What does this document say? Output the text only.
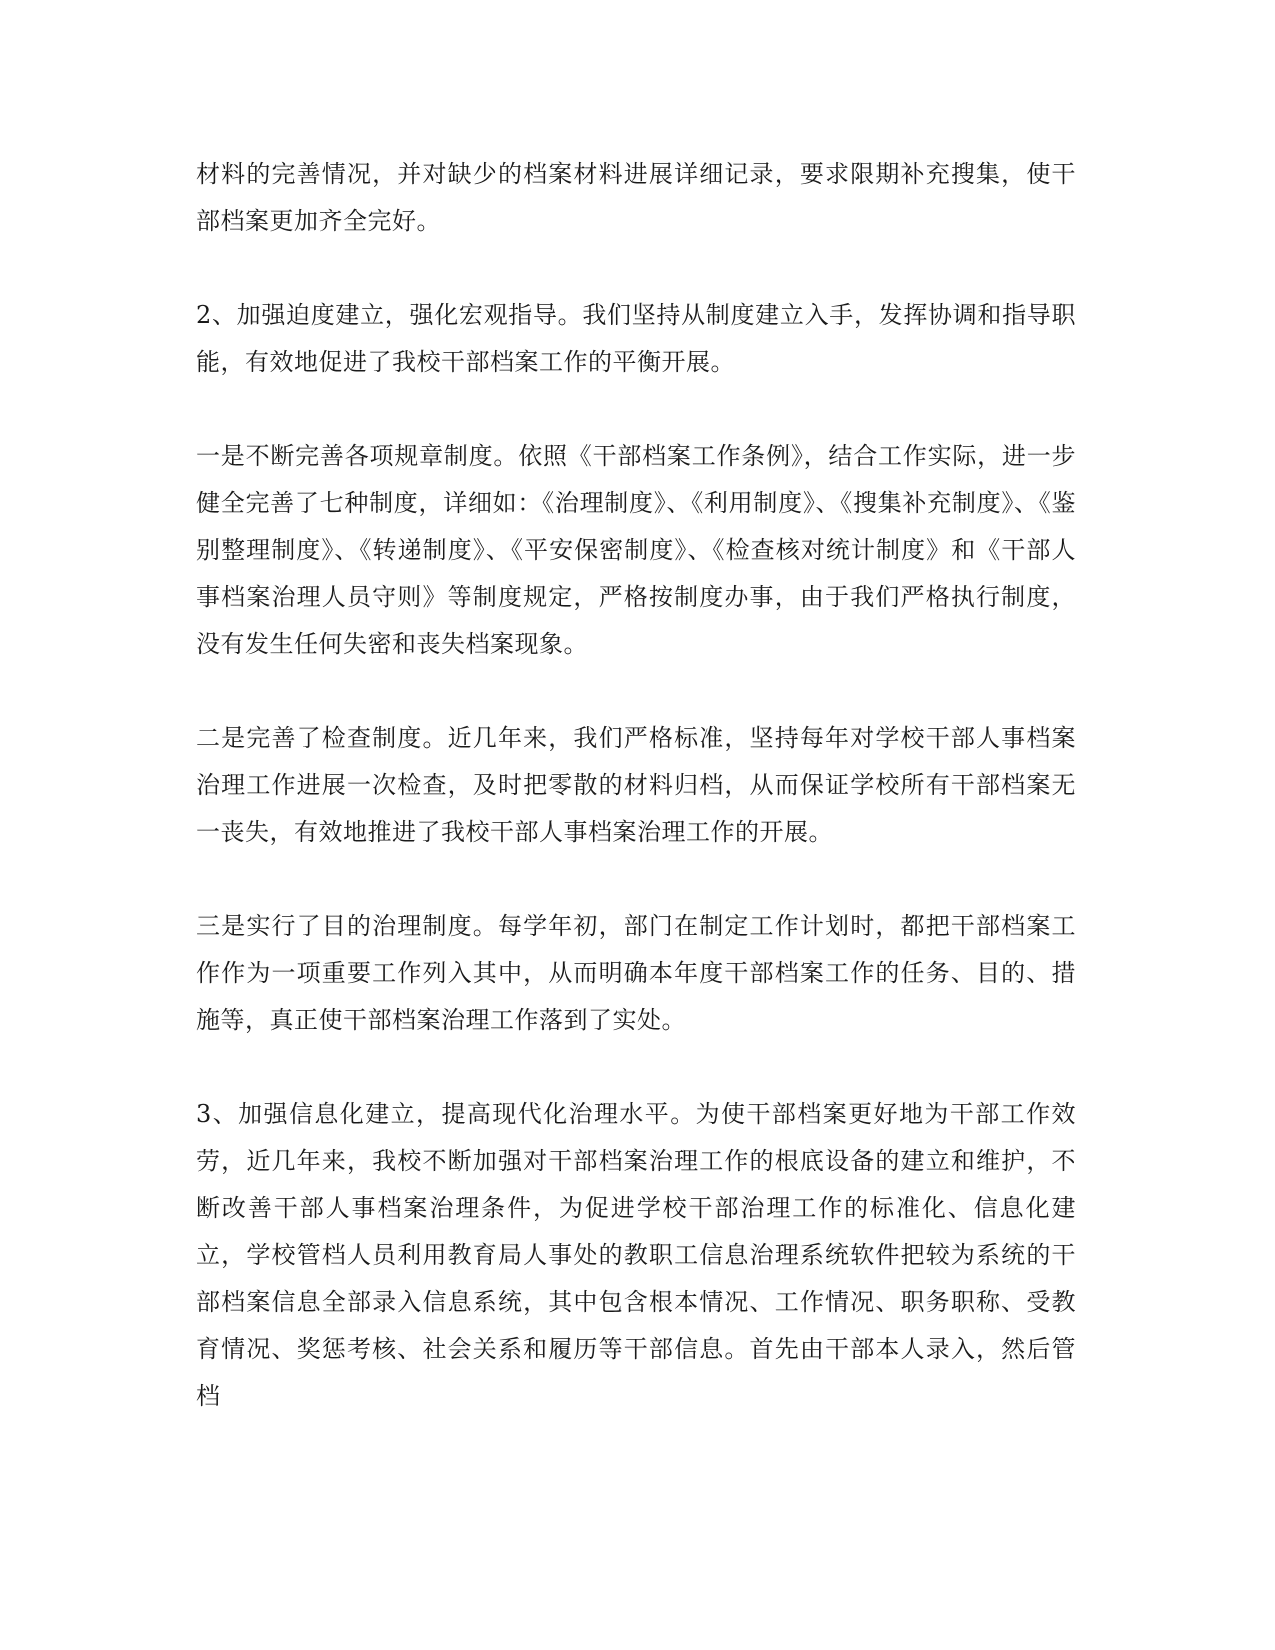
材料的完善情况，并对缺少的档案材料进展详细记录，要求限期补充搜集，使干部档案更加齐全完好。

2、加强迫度建立，强化宏观指导。我们坚持从制度建立入手，发挥协调和指导职能，有效地促进了我校干部档案工作的平衡开展。

一是不断完善各项规章制度。依照《干部档案工作条例》，结合工作实际，进一步健全完善了七种制度，详细如：《治理制度》、《利用制度》、《搜集补充制度》、《鉴别整理制度》、《转递制度》、《平安保密制度》、《检查核对统计制度》和《干部人事档案治理人员守则》等制度规定，严格按制度办事，由于我们严格执行制度，没有发生任何失密和丧失档案现象。

二是完善了检查制度。近几年来，我们严格标准，坚持每年对学校干部人事档案治理工作进展一次检查，及时把零散的材料归档，从而保证学校所有干部档案无一丧失，有效地推进了我校干部人事档案治理工作的开展。

三是实行了目的治理制度。每学年初，部门在制定工作计划时，都把干部档案工作作为一项重要工作列入其中，从而明确本年度干部档案工作的任务、目的、措施等，真正使干部档案治理工作落到了实处。

3、加强信息化建立，提高现代化治理水平。为使干部档案更好地为干部工作效劳，近几年来，我校不断加强对干部档案治理工作的根底设备的建立和维护，不断改善干部人事档案治理条件，为促进学校干部治理工作的标准化、信息化建立，学校管档人员利用教育局人事处的教职工信息治理系统软件把较为系统的干部档案信息全部录入信息系统，其中包含根本情况、工作情况、职务职称、受教育情况、奖惩考核、社会关系和履历等干部信息。首先由干部本人录入，然后管档
